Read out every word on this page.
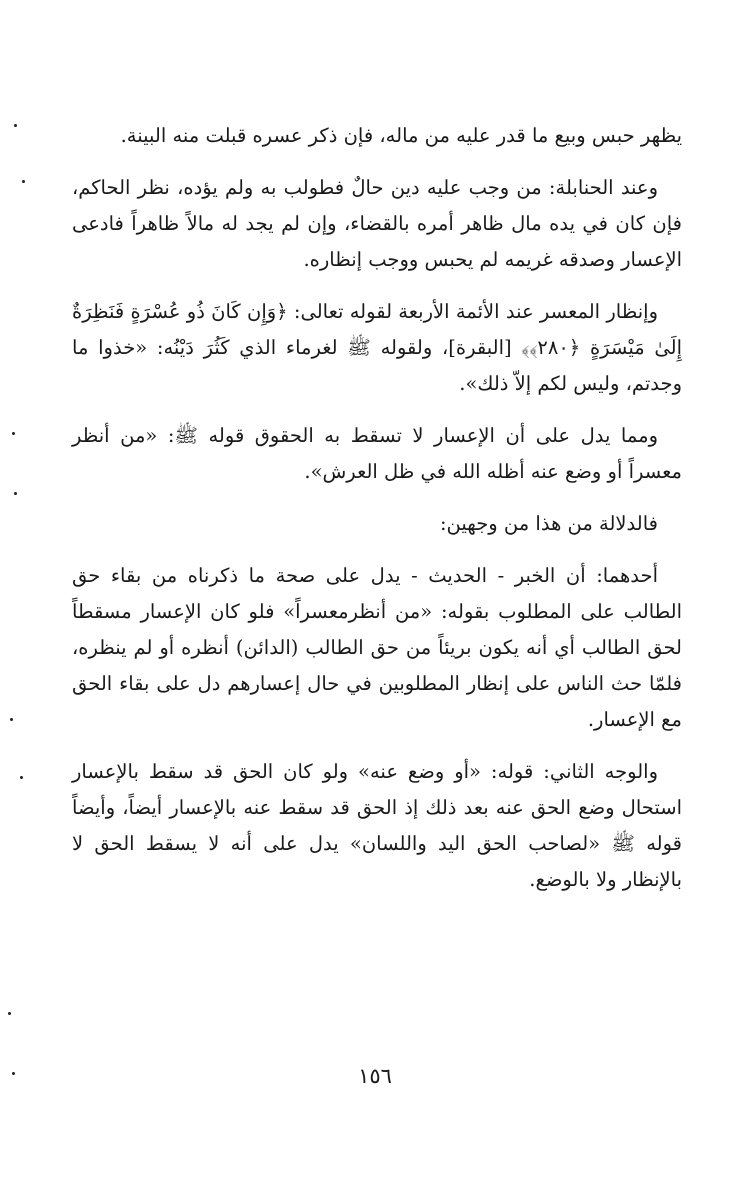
يظهر حبس وبيع ما قدر عليه من ماله، فإن ذكر عسره قبلت منه البينة.

وعند الحنابلة: من وجب عليه دين حالٌ فطولب به ولم يؤده، نظر الحاكم، فإن كان في يده مال ظاهر أمره بالقضاء، وإن لم يجد له مالاً ظاهراً فادعى الإعسار وصدقه غريمه لم يحبس ووجب إنظاره.

وإنظار المعسر عند الأئمة الأربعة لقوله تعالى: ﴿وَإِن كَانَ ذُو عُسْرَةٍ فَنَظِرَةٌ إِلَىٰ مَيْسَرَةٍ ﴿٢٨٠﴾﴾ [البقرة]، ولقوله ﷺ لغرماء الذي كَثُرَ دَيْنُه: «خذوا ما وجدتم، وليس لكم إلاّ ذلك».

ومما يدل على أن الإعسار لا تسقط به الحقوق قوله ﷺ: «من أنظر معسراً أو وضع عنه أظله الله في ظل العرش».

فالدلالة من هذا من وجهين:

أحدهما: أن الخبر - الحديث - يدل على صحة ما ذكرناه من بقاء حق الطالب على المطلوب بقوله: «من أنظرمعسراً» فلو كان الإعسار مسقطاً لحق الطالب أي أنه يكون بريئاً من حق الطالب (الدائن) أنظره أو لم ينظره، فلمّا حث الناس على إنظار المطلوبين في حال إعسارهم دل على بقاء الحق مع الإعسار.

والوجه الثاني: قوله: «أو وضع عنه» ولو كان الحق قد سقط بالإعسار استحال وضع الحق عنه بعد ذلك إذ الحق قد سقط عنه بالإعسار أيضاً، وأيضاً قوله ﷺ «لصاحب الحق اليد واللسان» يدل على أنه لا يسقط الحق لا بالإنظار ولا بالوضع.

١٥٦
